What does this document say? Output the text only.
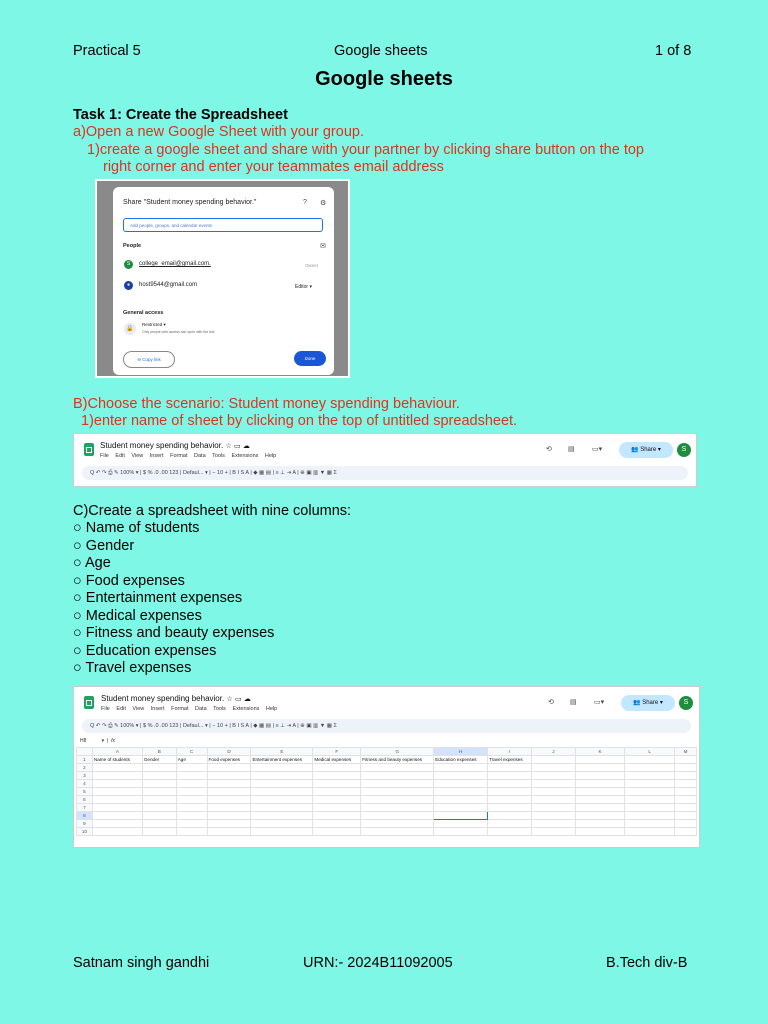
Practical 5	Google sheets	1 of 8
Google sheets
Task 1: Create the Spreadsheet
a)Open a new Google Sheet with your group.
1)create a google sheet and share with your partner by clicking share button on the top
right corner and enter your teammates email address
Share "Student money spending behavior."	? ⚙
Add people, groups, and calendar events
People	✉
S	college_email@gmail.com.	Owner
●	host9544@gmail.com	Editor ▾
General access
🔒
Restricted ▾
Only people with access can open with the link
⊖ Copy link	Done
B)Choose the scenario: Student money spending behaviour.
1)enter name of sheet by clicking on the top of untitled spreadsheet.
Student money spending behavior. ☆ ▭ ☁
File Edit View Insert Format Data Tools Extensions Help
⟲ ▤ ▭▾	👥 Share ▾	S
Q ↶ ↷ ⎙ ✎ 100% ▾ | $ % .0 .00 123 | Defaul... ▾ | − 10 + | B I S A | ◆ ▦ ▤ | ≡ ⊥ ⇥ A | ⊕ ▣ ▥ ▼ ▦ Σ
C)Create a spreadsheet with nine columns:
○ Name of students
○ Gender
○ Age
○ Food expenses
○ Entertainment expenses
○ Medical expenses
○ Fitness and beauty expenses
○ Education expenses
○ Travel expenses
Student money spending behavior. ☆ ▭ ☁
File Edit View Insert Format Data Tools Extensions Help
⟲ ▤ ▭▾	👥 Share ▾	S
Q ↶ ↷ ⎙ ✎ 100% ▾ | $ % .0 .00 123 | Defaul... ▾ | − 10 + | B I S A | ◆ ▦ ▤ | ≡ ⊥ ⇥ A | ⊕ ▣ ▥ ▼ ▦ Σ
H8           ▾  |  fx
	A	B	C	D	E	F	G	H	I	J	K	L	M
1	Name of students	Gender	Age	Food expenses	Entertainment expenses	Medical expenses	Fitness and beauty expenses	Education expenses	Travel expenses				
2													
3													
4													
5													
6													
7													
8													
9													
10													
Satnam singh gandhi	URN:- 2024B11092005	B.Tech div-B
